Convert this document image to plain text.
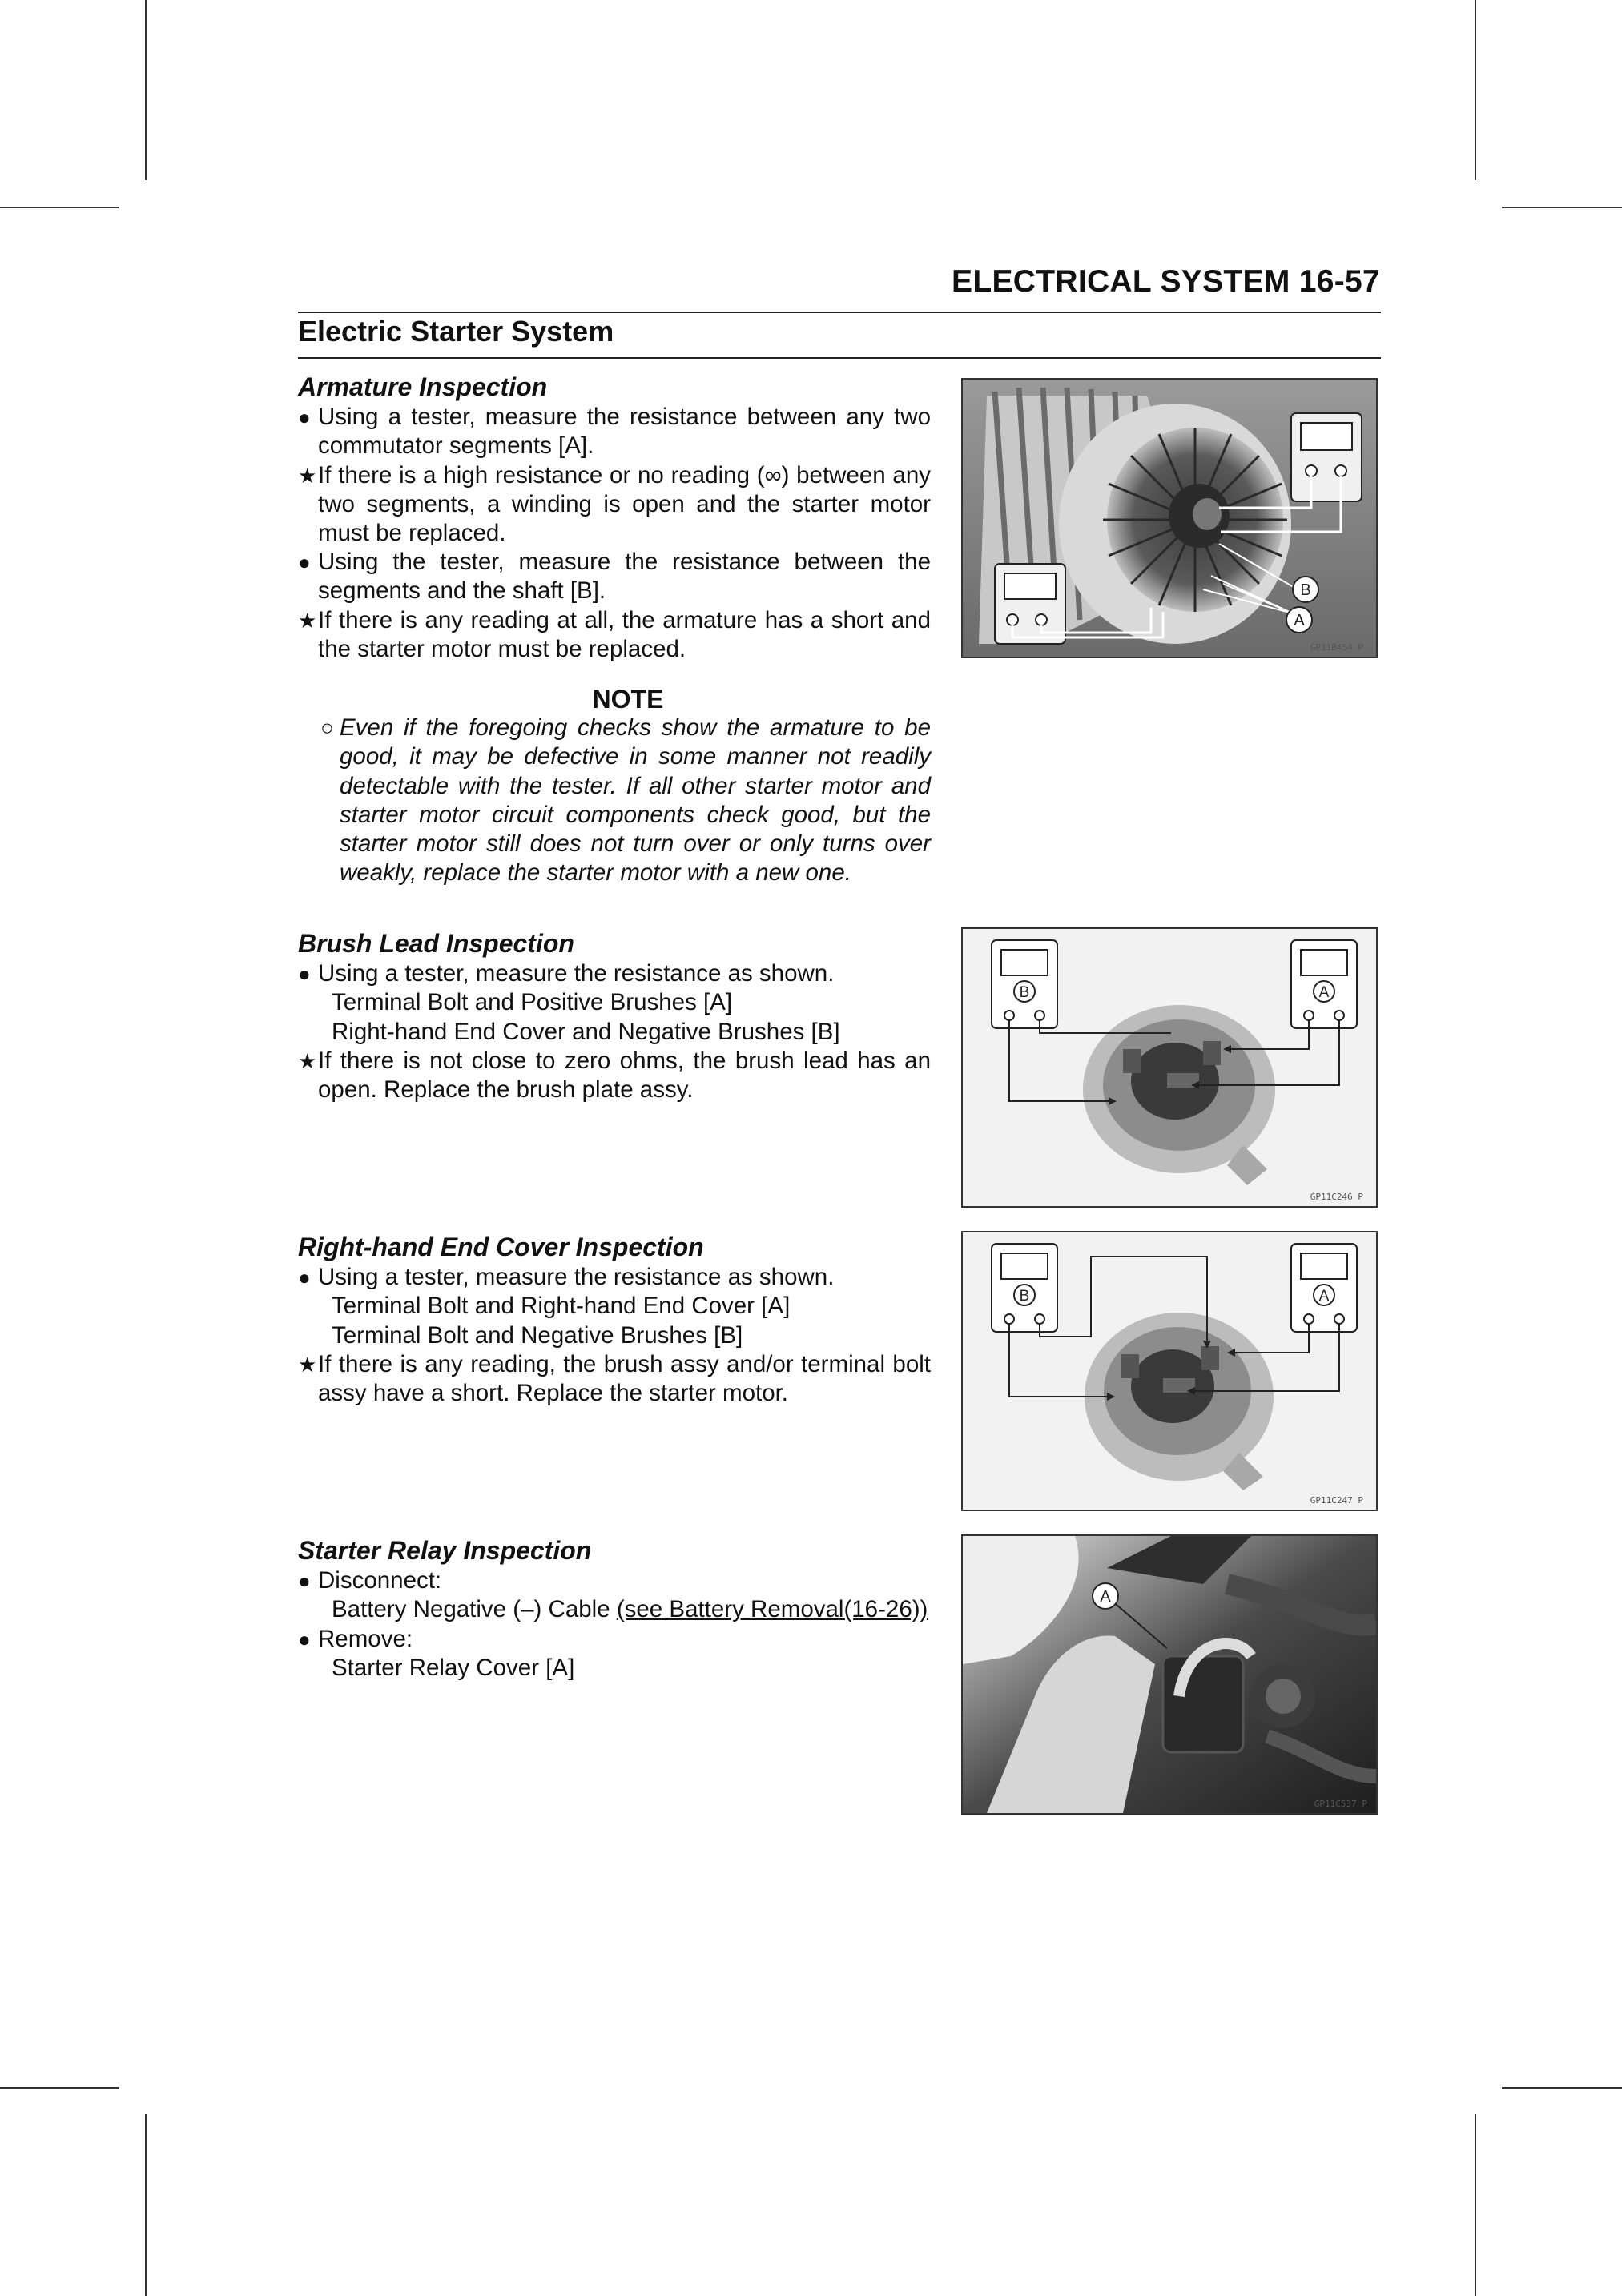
ELECTRICAL SYSTEM 16-57
Electric Starter System
Armature Inspection
● Using a tester, measure the resistance between any two commutator segments [A].
★ If there is a high resistance or no reading (∞) between any two segments, a winding is open and the starter motor must be replaced.
● Using the tester, measure the resistance between the segments and the shaft [B].
★ If there is any reading at all, the armature has a short and the starter motor must be replaced.
NOTE
○ Even if the foregoing checks show the armature to be good, it may be defective in some manner not readily detectable with the tester. If all other starter motor and starter motor circuit components check good, but the starter motor still does not turn over or only turns over weakly, replace the starter motor with a new one.
A
B
GP11B454 P
Brush Lead Inspection
● Using a tester, measure the resistance as shown.
Terminal Bolt and Positive Brushes [A]
Right-hand End Cover and Negative Brushes [B]
★ If there is not close to zero ohms, the brush lead has an open. Replace the brush plate assy.
B	A
GP11C246 P
Right-hand End Cover Inspection
● Using a tester, measure the resistance as shown.
Terminal Bolt and Right-hand End Cover [A]
Terminal Bolt and Negative Brushes [B]
★ If there is any reading, the brush assy and/or terminal bolt assy have a short. Replace the starter motor.
B	A
GP11C247 P
Starter Relay Inspection
● Disconnect:
Battery Negative (–) Cable (see Battery Removal(16-26))
● Remove:
Starter Relay Cover [A]
A
GP11C537 P
